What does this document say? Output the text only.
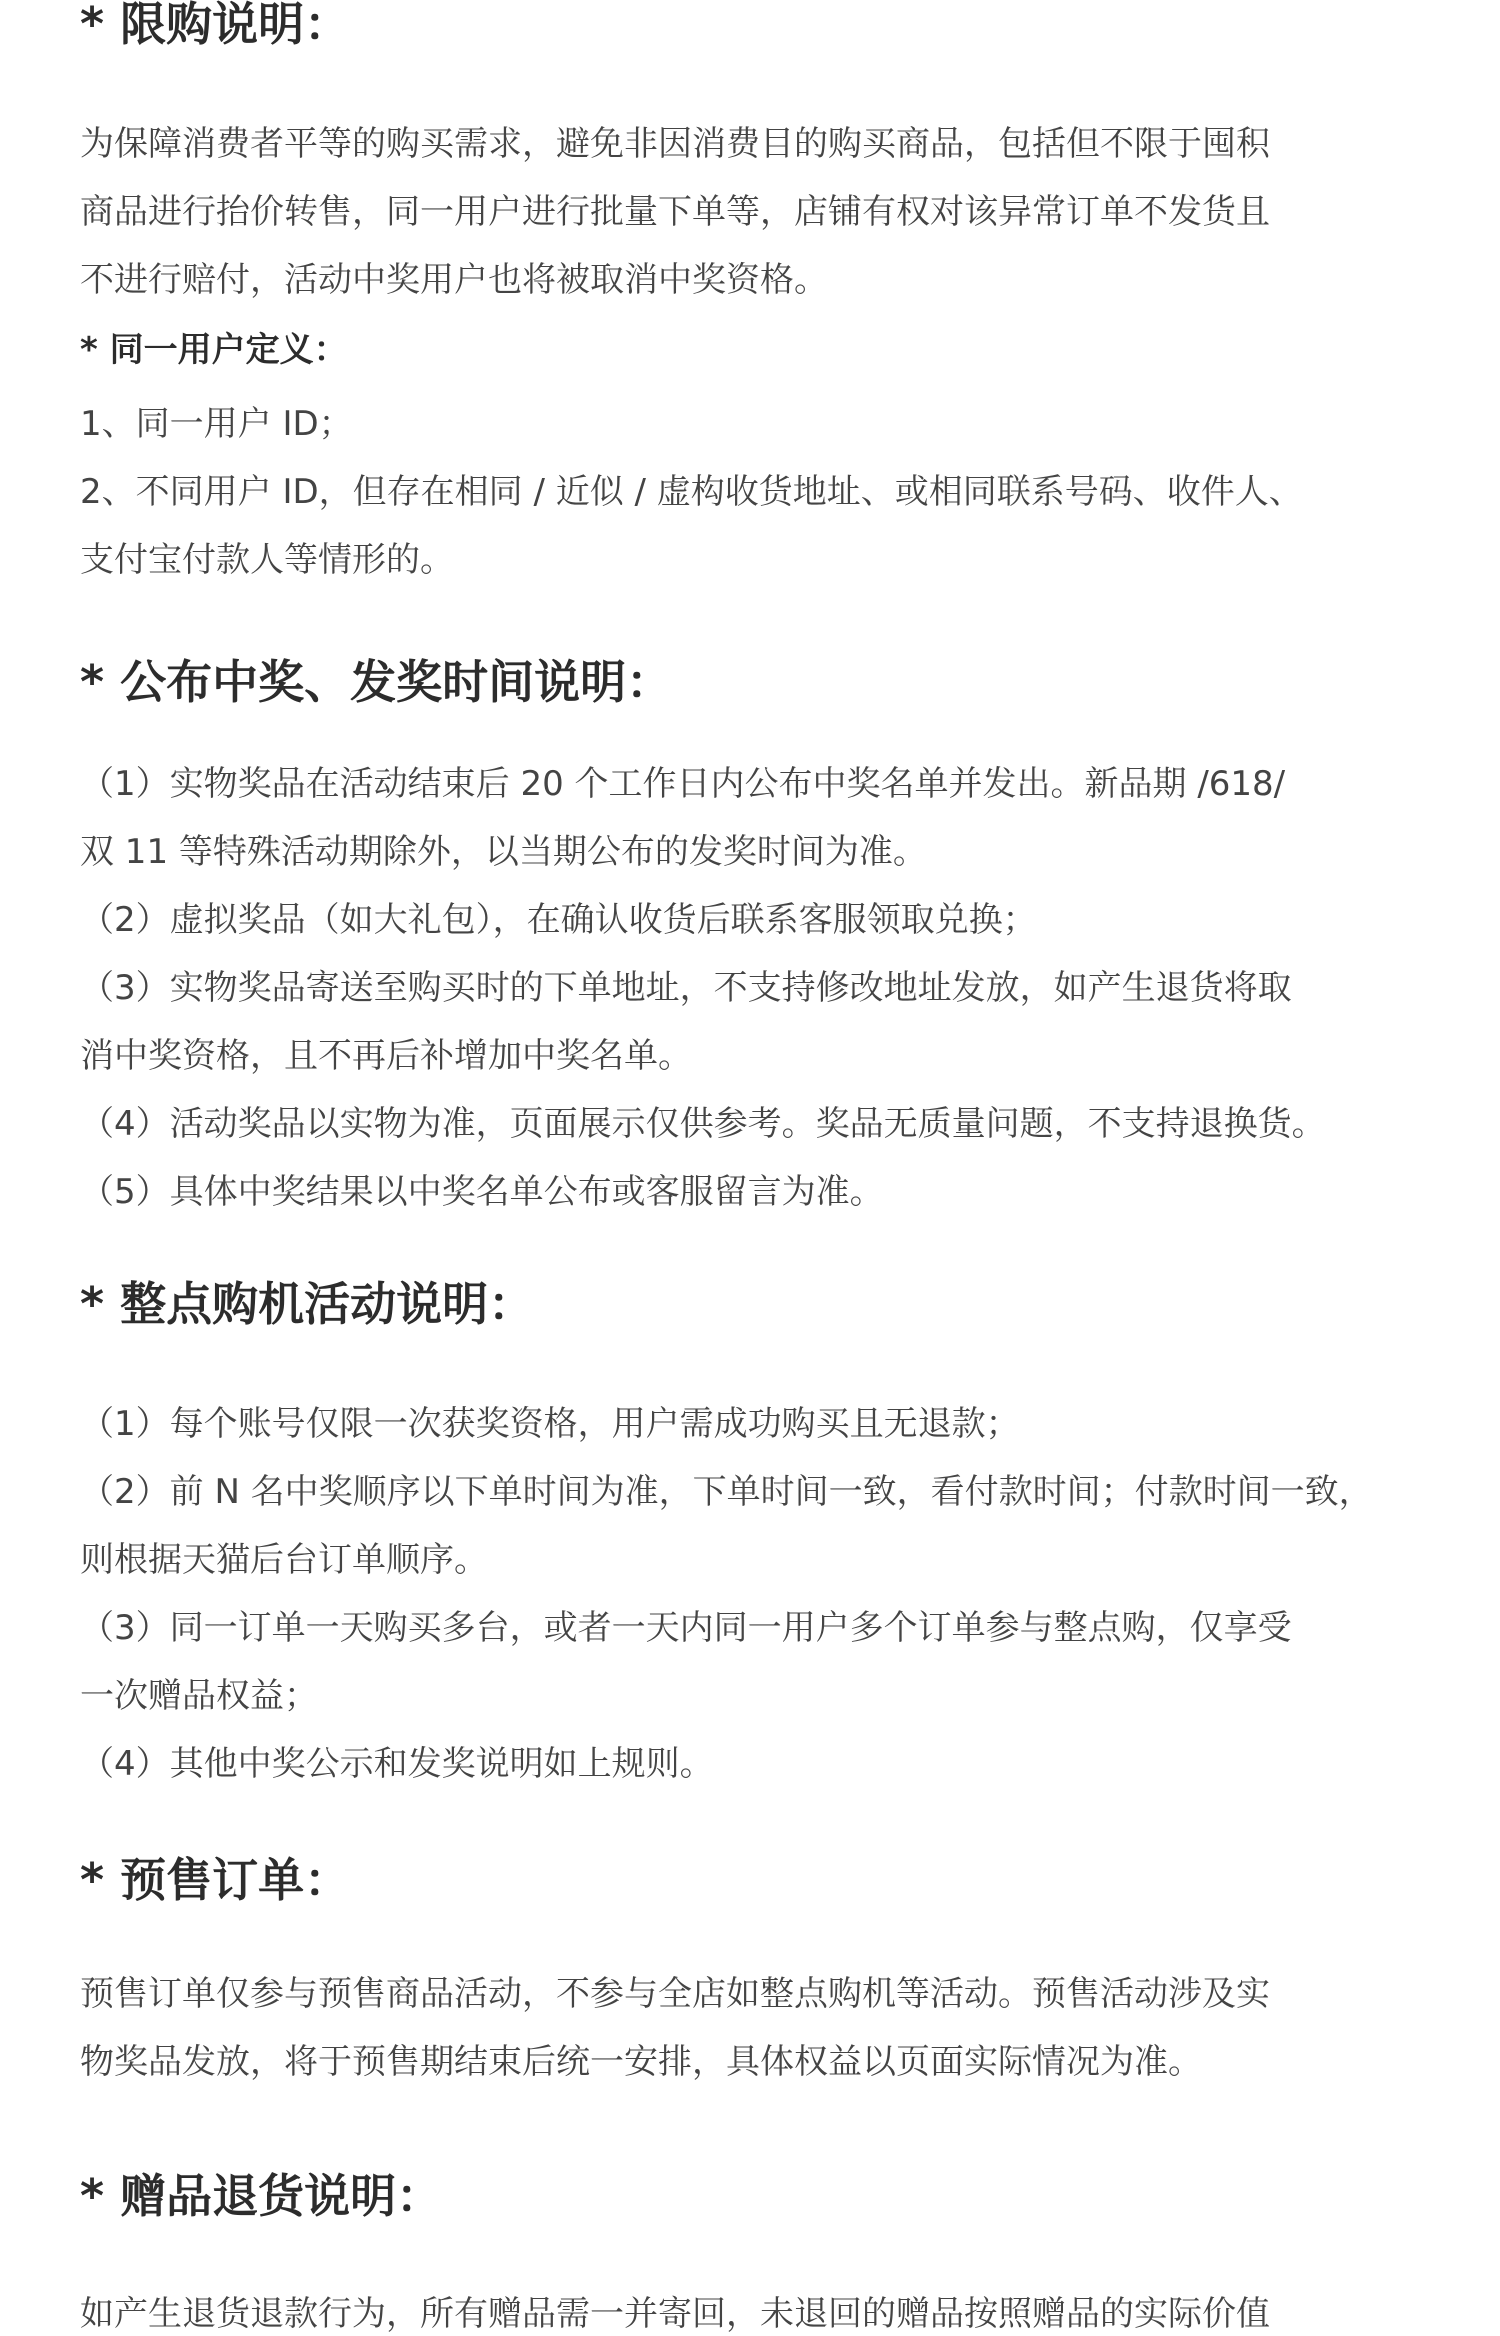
* 限购说明：

为保障消费者平等的购买需求，避免非因消费目的购买商品，包括但不限于囤积

商品进行抬价转售，同一用户进行批量下单等，店铺有权对该异常订单不发货且

不进行赔付，活动中奖用户也将被取消中奖资格。

* 同一用户定义：

1、同一用户 ID；

2、不同用户 ID，但存在相同 / 近似 / 虚构收货地址、或相同联系号码、收件人、

支付宝付款人等情形的。

* 公布中奖、发奖时间说明：

（1）实物奖品在活动结束后 20 个工作日内公布中奖名单并发出。新品期 /618/

双 11 等特殊活动期除外，以当期公布的发奖时间为准。

（2）虚拟奖品（如大礼包），在确认收货后联系客服领取兑换；

（3）实物奖品寄送至购买时的下单地址，不支持修改地址发放，如产生退货将取

消中奖资格，且不再后补增加中奖名单。

（4）活动奖品以实物为准，页面展示仅供参考。奖品无质量问题，不支持退换货。

（5）具体中奖结果以中奖名单公布或客服留言为准。

* 整点购机活动说明：

（1）每个账号仅限一次获奖资格，用户需成功购买且无退款；

（2）前 N 名中奖顺序以下单时间为准，下单时间一致，看付款时间；付款时间一致，

则根据天猫后台订单顺序。

（3）同一订单一天购买多台，或者一天内同一用户多个订单参与整点购，仅享受

一次赠品权益；

（4）其他中奖公示和发奖说明如上规则。

* 预售订单：

预售订单仅参与预售商品活动，不参与全店如整点购机等活动。预售活动涉及实

物奖品发放，将于预售期结束后统一安排，具体权益以页面实际情况为准。

* 赠品退货说明：

如产生退货退款行为，所有赠品需一并寄回，未退回的赠品按照赠品的实际价值
